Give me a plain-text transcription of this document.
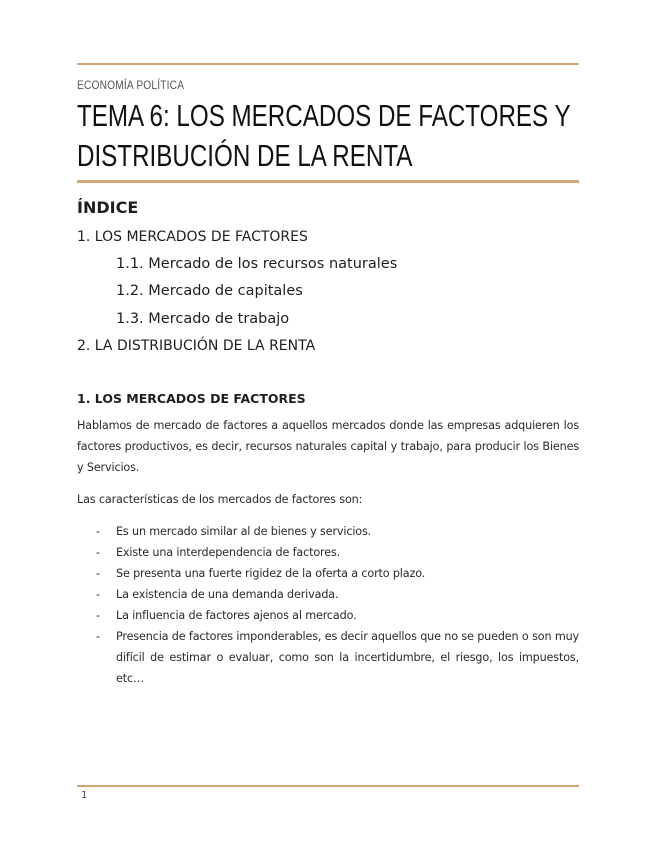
ECONOMÍA POLÍTICA
TEMA 6: LOS MERCADOS DE FACTORES Y
DISTRIBUCIÓN DE LA RENTA
ÍNDICE
1. LOS MERCADOS DE FACTORES
1.1. Mercado de los recursos naturales
1.2. Mercado de capitales
1.3. Mercado de trabajo
2. LA DISTRIBUCIÓN DE LA RENTA
1. LOS MERCADOS DE FACTORES

Hablamos de mercado de factores a aquellos mercados donde las empresas adquieren los factores productivos, es decir, recursos naturales capital y trabajo, para producir los Bienes y Servicios.

Las características de los mercados de factores son:

- Es un mercado similar al de bienes y servicios.
- Existe una interdependencia de factores.
- Se presenta una fuerte rigidez de la oferta a corto plazo.
- La existencia de una demanda derivada.
- La influencia de factores ajenos al mercado.
- Presencia de factores imponderables, es decir aquellos que no se pueden o son muy difícil de estimar o evaluar, como son la incertidumbre, el riesgo, los impuestos, etc…
1
